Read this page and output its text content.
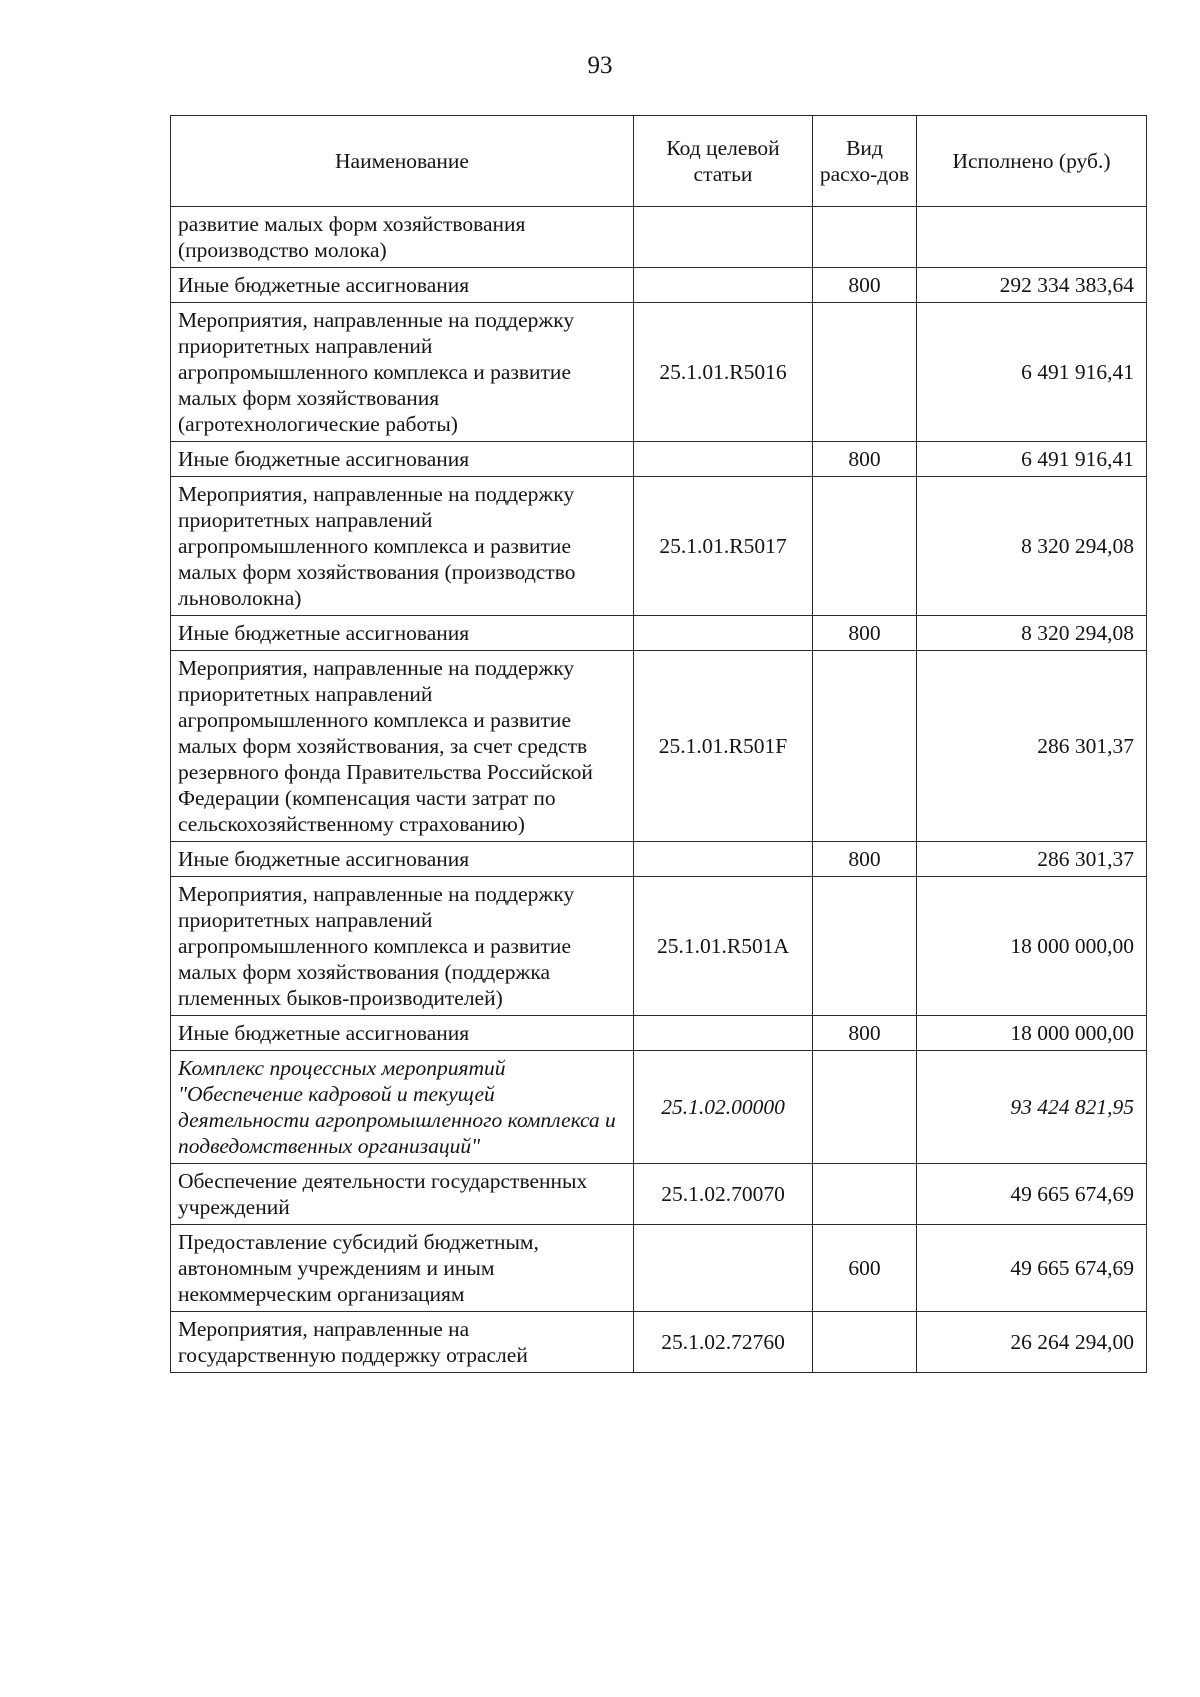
93
Наименование	Код целевой статьи	Вид расхо-дов	Исполнено (руб.)
развитие малых форм хозяйствования (производство молока)			
Иные бюджетные ассигнования		800	292 334 383,64
Мероприятия, направленные на поддержку приоритетных направлений агропромышленного комплекса и развитие малых форм хозяйствования (агротехнологические работы)	25.1.01.R5016		6 491 916,41
Иные бюджетные ассигнования		800	6 491 916,41
Мероприятия, направленные на поддержку приоритетных направлений агропромышленного комплекса и развитие малых форм хозяйствования (производство льноволокна)	25.1.01.R5017		8 320 294,08
Иные бюджетные ассигнования		800	8 320 294,08
Мероприятия, направленные на поддержку приоритетных направлений агропромышленного комплекса и развитие малых форм хозяйствования, за счет средств резервного фонда Правительства Российской Федерации (компенсация части затрат по сельскохозяйственному страхованию)	25.1.01.R501F		286 301,37
Иные бюджетные ассигнования		800	286 301,37
Мероприятия, направленные на поддержку приоритетных направлений агропромышленного комплекса и развитие малых форм хозяйствования (поддержка племенных быков-производителей)	25.1.01.R501A		18 000 000,00
Иные бюджетные ассигнования		800	18 000 000,00
Комплекс процессных мероприятий "Обеспечение кадровой и текущей деятельности агропромышленного комплекса и подведомственных организаций"	25.1.02.00000		93 424 821,95
Обеспечение деятельности государственных учреждений	25.1.02.70070		49 665 674,69
Предоставление субсидий бюджетным, автономным учреждениям и иным некоммерческим организациям		600	49 665 674,69
Мероприятия, направленные на государственную поддержку отраслей	25.1.02.72760		26 264 294,00
